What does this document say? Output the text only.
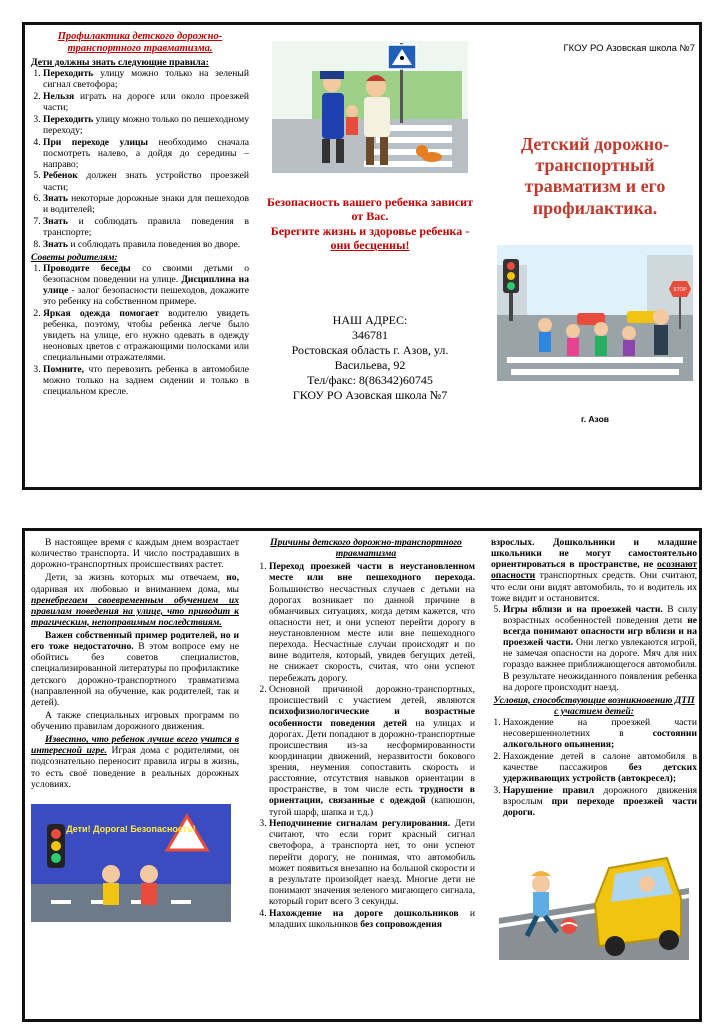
Профилактика детского дорожно-транспортного травматизма.
Дети должны знать следующие правила:
1. Переходить улицу можно только на зеленый сигнал светофора;
2. Нельзя играть на дороге или около проезжей части;
3. Переходить улицу можно только по пешеходному переходу;
4. При переходе улицы необходимо сначала посмотреть налево, а дойдя до середины – направо;
5. Ребенок должен знать устройство проезжей части;
6. Знать некоторые дорожные знаки для пешеходов и водителей;
7. Знать и соблюдать правила поведения в транспорте;
8. Знать и соблюдать правила поведения во дворе.
Советы родителям:
1. Проводите беседы со своими детьми о безопасном поведении на улице. Дисциплина на улице - залог безопасности пешеходов, докажите это ребенку на собственном примере.
2. Яркая одежда помогает водителю увидеть ребенка, поэтому, чтобы ребенка легче было увидеть на улице, его нужно одевать в одежду неоновых цветов с отражающими полосками или специальными отражателями.
3. Помните, что перевозить ребенка в автомобиле можно только на заднем сидении и только в специальном кресле.
Безопасность вашего ребенка зависит от Вас.
Берегите жизнь и здоровье ребенка - они бесценны!
НАШ АДРЕС:
346781
Ростовская область г. Азов, ул. Васильева, 92
Тел/факс: 8(86342)60745
ГКОУ РО Азовская школа №7
ГКОУ РО Азовская школа №7
Детский дорожно-транспортный травматизм и его профилактика.
STOP
г. Азов

В настоящее время с каждым днем возрастает количество транспорта. И число пострадавших в дорожно-транспортных происшествиях растет.

Дети, за жизнь которых мы отвечаем, но, одаривая их любовью и вниманием дома, мы пренебрегаем своевременным обучением их правилам поведения на улице, что приводит к трагическим, непоправимым последствиям.

Важен собственный пример родителей, но и его тоже недостаточно. В этом вопросе ему не обойтись без советов специалистов, специализированной литературы по профилактике детского дорожно-транспортного травматизма (направленной на обучение, как родителей, так и детей).

А также специальных игровых программ по обучению правилам дорожного движения.

Известно, что ребенок лучше всего учится в интересной игре. Играя дома с родителями, он подсознательно переносит правила игры в жизнь, то есть своё поведение в реальных дорожных условиях.

Дети! Дорога! Безопасность!
Причины детского дорожно-транспортного травматизма
1. Переход проезжей части в неустановленном месте или вне пешеходного перехода. Большинство несчастных случаев с детьми на дорогах возникает по данной причине в обманчивых ситуациях, когда детям кажется, что опасности нет, и они успеют перейти дорогу в неустановленном месте или вне пешеходного перехода. Несчастные случаи происходят и по вине водителя, который, увидев бегущих детей, не снижает скорость, считая, что они успеют перебежать дорогу.
2. Основной причиной дорожно-транспортных, происшествий с участием детей, являются психофизиологические и возрастные особенности поведения детей на улицах и дорогах. Дети попадают в дорожно-транспортные происшествия из-за несформированности координации движений, неразвитости бокового зрения, неумения сопоставить скорость и расстояние, отсутствия навыков ориентации в пространстве, в том числе есть трудности в ориентации, связанные с одеждой (капюшон, тугой шарф, шапка и т.д.)
3. Неподчинение сигналам регулирования. Дети считают, что если горит красный сигнал светофора, а транспорта нет, то они успеют перейти дорогу, не понимая, что автомобиль может появиться внезапно на большой скорости и в результате произойдет наезд. Многие дети не понимают значения зеленого мигающего сигнала, который горит всего 3 секунды.
4. Нахождение на дороге дошкольников и младших школьников без сопровождения

взрослых. Дошкольники и младшие школьники не могут самостоятельно ориентироваться в пространстве, не осознают опасности транспортных средств. Они считают, что если они видят автомобиль, то и водитель их тоже видит и остановится.

5. Игры вблизи и на проезжей части. В силу возрастных особенностей поведения дети не всегда понимают опасности игр вблизи и на проезжей части. Они легко увлекаются игрой, не замечая опасности на дороге. Мяч для них гораздо важнее приближающегося автомобиля. В результате неожиданного появления ребенка на дороге происходит наезд.
Условия, способствующие возникновению ДТП с участием детей:
1. Нахождение на проезжей части несовершеннолетних в состоянии алкогольного опьянения;
2. Нахождение детей в салоне автомобиля в качестве пассажиров без детских удерживающих устройств (автокресел);
3. Нарушение правил дорожного движения взрослым при переходе проезжей части дороги.
